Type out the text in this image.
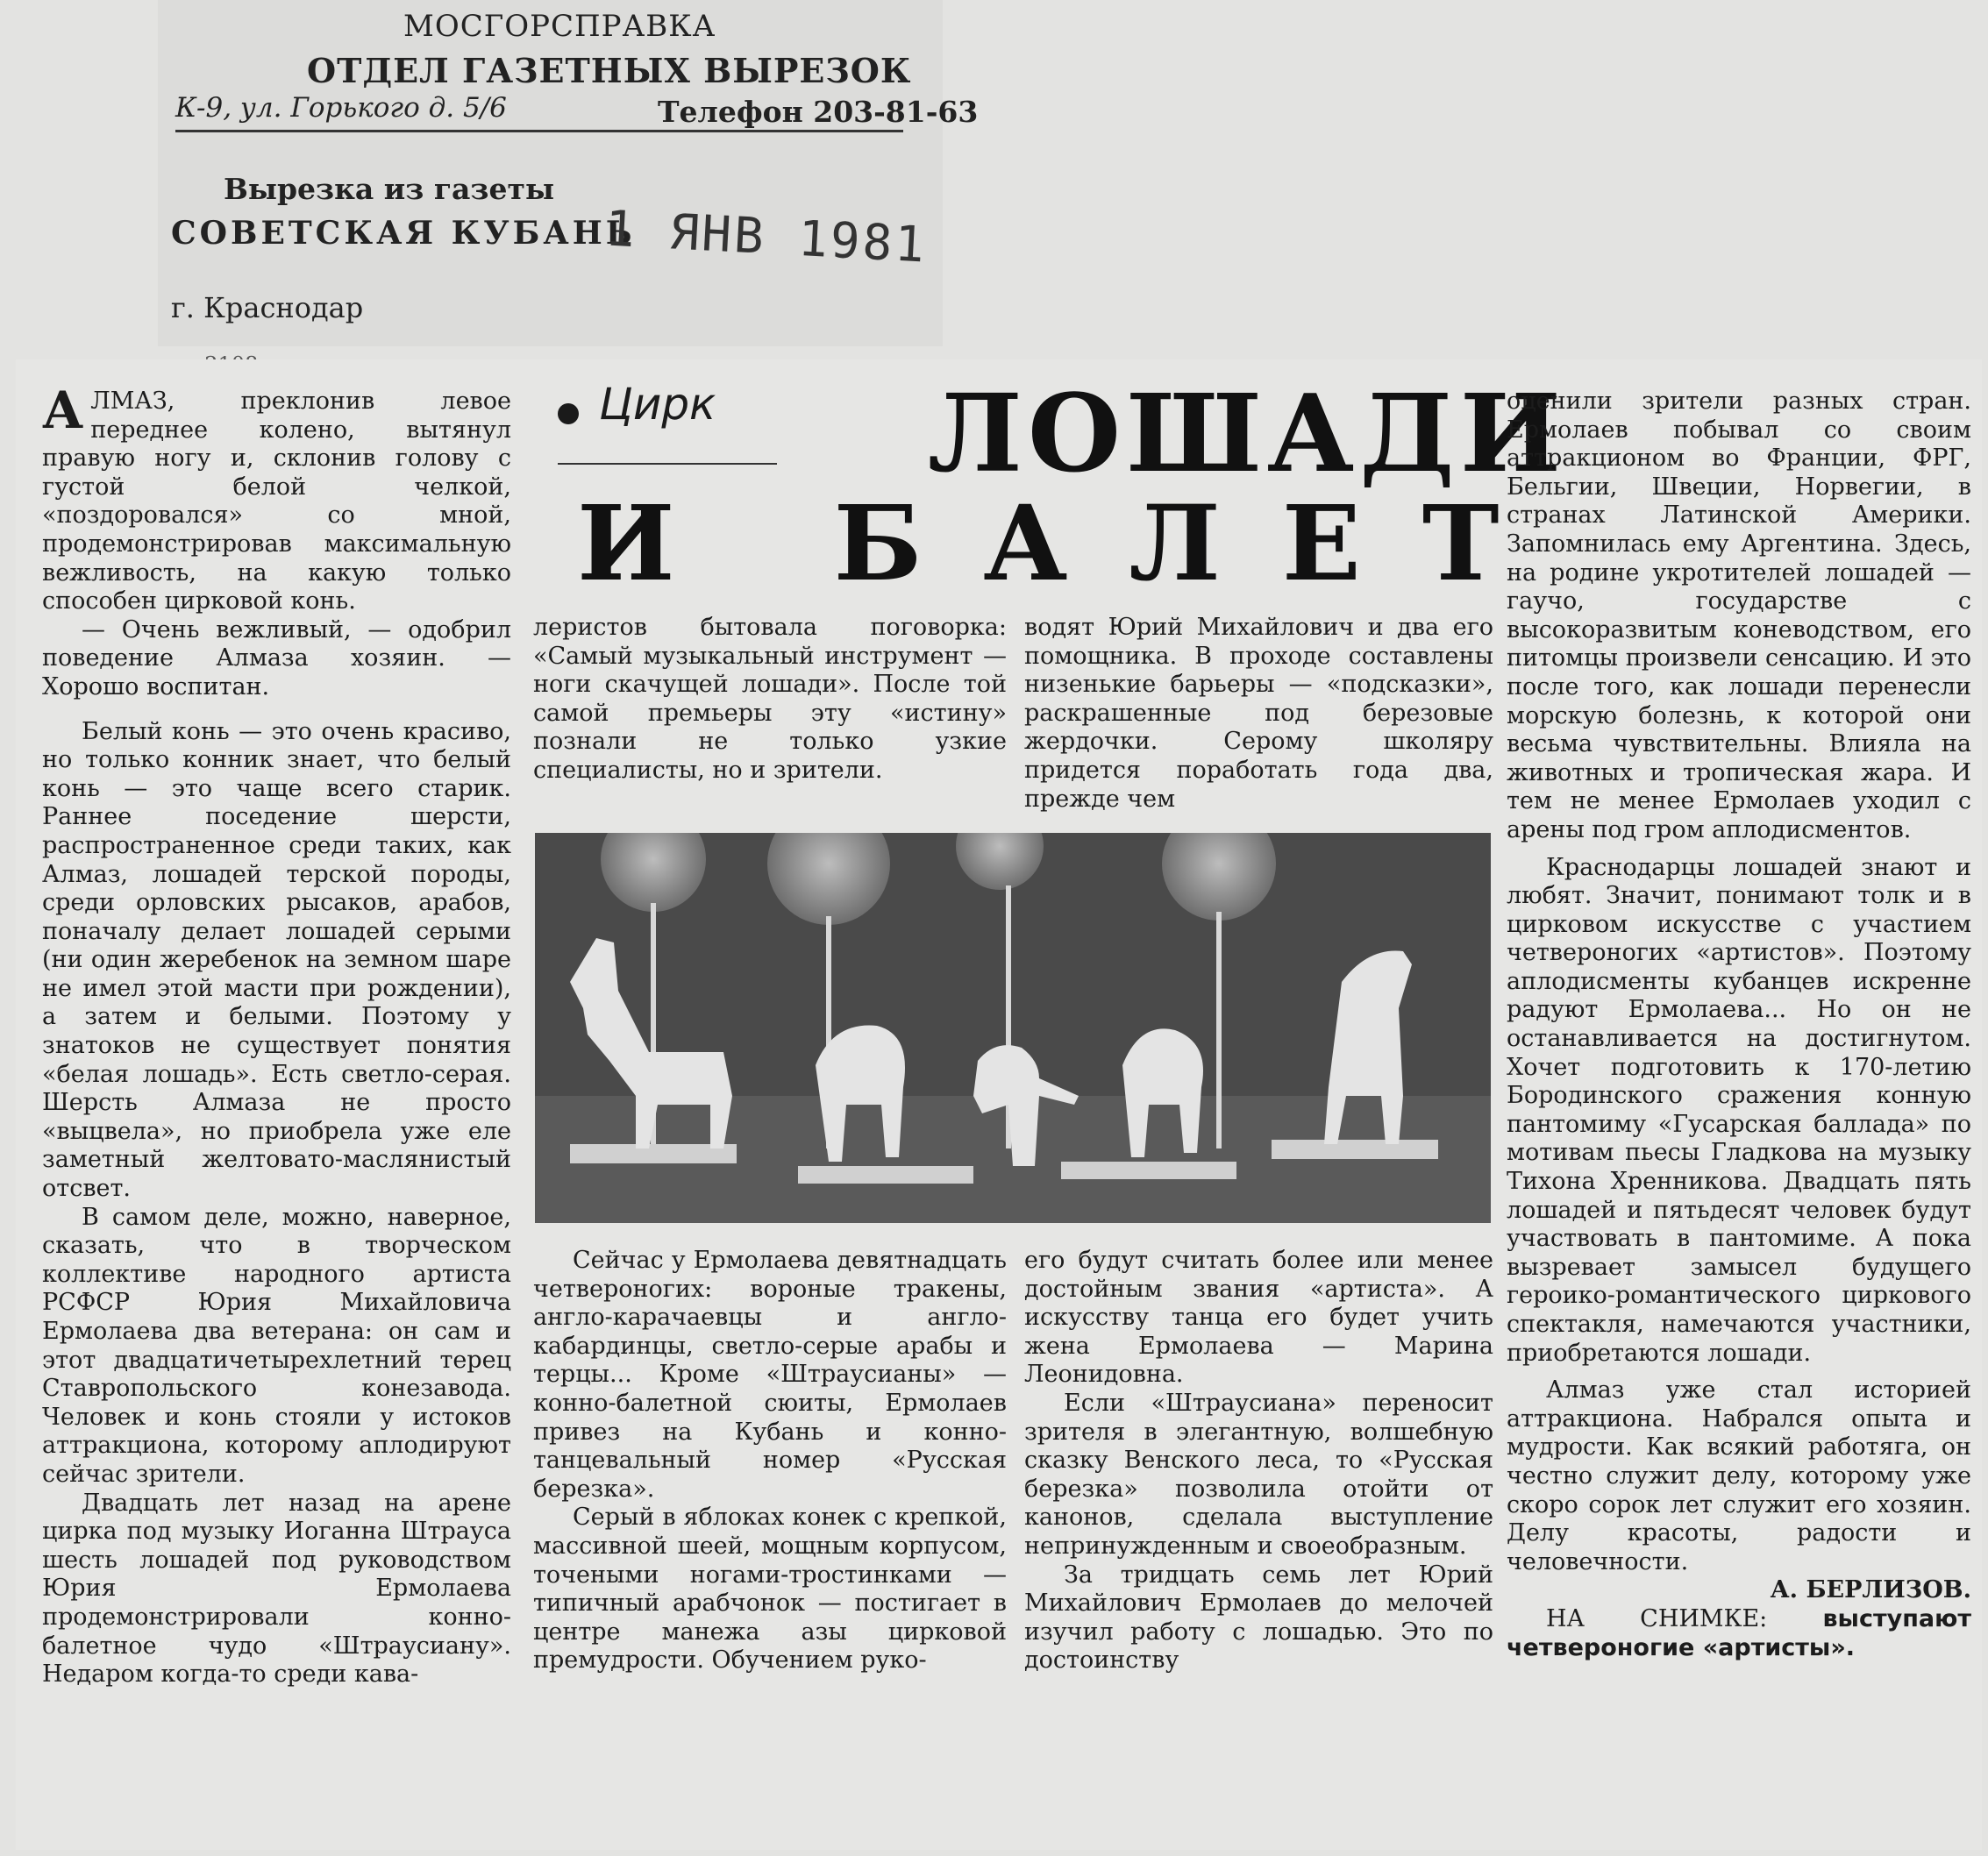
МОСГОРСПРАВКА
ОТДЕЛ ГАЗЕТНЫХ ВЫРЕЗОК
К-9, ул. Горького д. 5/6	Телефон 203-81-63
Вырезка из газеты
СОВЕТСКАЯ КУБАНЬ
1 ЯНВ 1981
г. Краснодар

АЛМАЗ, преклонив левое переднее колено, вытянул правую ногу и, склонив голову с густой белой челкой, «поздоровался» со мной, продемонстрировав максимальную вежливость, на какую только способен цирковой конь.

— Очень вежливый, — одобрил поведение Алмаза хозяин. — Хорошо воспитан.

Белый конь — это очень красиво, но только конник знает, что белый конь — это чаще всего старик. Раннее поседение шерсти, распространенное среди таких, как Алмаз, лошадей терской породы, среди орловских рысаков, арабов, поначалу делает лошадей серыми (ни один жеребенок на земном шаре не имел этой масти при рождении), а затем и белыми. Поэтому у знатоков не существует понятия «белая лошадь». Есть светло-серая. Шерсть Алмаза не просто «выцвела», но приобрела уже еле заметный желтовато-маслянистый отсвет.

В самом деле, можно, наверное, сказать, что в творческом коллективе народного артиста РСФСР Юрия Михайловича Ермолаева два ветерана: он сам и этот двадцатичетырехлетний терец Ставропольского конезавода. Человек и конь стояли у истоков аттракциона, которому аплодируют сейчас зрители.

Двадцать лет назад на арене цирка под музыку Иоганна Штрауса шесть лошадей под руководством Юрия Ермолаева продемонстрировали конно-балетное чудо «Штраусиану». Недаром когда-то среди кава-

Цирк ЛОШАДИ
И БАЛЕТ

лeристов бытовала поговорка: «Самый музыкальный инструмент — ноги скачущей лошади». После той самой премьеры эту «истину» познали не только узкие специалисты, но и зрители.

водят Юрий Михайлович и два его помощника. В проходе составлены низенькие барьеры — «подсказки», раскрашенные под березовые жердочки. Серому школяру придется поработать года два, прежде чем

Сейчас у Ермолаева девятнадцать четвероногих: вороные тракены, англо-карачаевцы и англо-кабардинцы, светло-серые арабы и терцы... Кроме «Штраусианы» — конно-балетной сюиты, Ермолаев привез на Кубань и конно-танцевальный номер «Русская березка».

Серый в яблоках конек с крепкой, массивной шеей, мощным корпусом, точеными ногами-тростинками — типичный арабчонок — постигает в центре манежа азы цирковой премудрости. Обучением руко-

его будут считать более или менее достойным звания «артиста». А искусству танца его будет учить жена Ермолаева — Марина Леонидовна.

Если «Штраусиана» переносит зрителя в элегантную, волшебную сказку Венского леса, то «Русская березка» позволила отойти от канонов, сделала выступление непринужденным и своеобразным.

За тридцать семь лет Юрий Михайлович Ермолаев до мелочей изучил работу с лошадью. Это по достоинству

оценили зрители разных стран. Ермолаев побывал со своим аттракционом во Франции, ФРГ, Бельгии, Швеции, Норвегии, в странах Латинской Америки. Запомнилась ему Аргентина. Здесь, на родине укротителей лошадей — гаучо, государстве с высокоразвитым коневодством, его питомцы произвели сенсацию. И это после того, как лошади перенесли морскую болезнь, к которой они весьма чувствительны. Влияла на животных и тропическая жара. И тем не менее Ермолаев уходил с арены под гром аплодисментов.

Краснодарцы лошадей знают и любят. Значит, понимают толк и в цирковом искусстве с участием четвероногих «артистов». Поэтому аплодисменты кубанцев искренне радуют Ермолаева... Но он не останавливается на достигнутом. Хочет подготовить к 170-летию Бородинского сражения конную пантомиму «Гусарская баллада» по мотивам пьесы Гладкова на музыку Тихона Хренникова. Двадцать пять лошадей и пятьдесят человек будут участвовать в пантомиме. А пока вызревает замысел будущего героико-романтического циркового спектакля, намечаются участники, приобретаются лошади.

Алмаз уже стал историей аттракциона. Набрался опыта и мудрости. Как всякий работяга, он честно служит делу, которому уже скоро сорок лет служит его хозяин. Делу красоты, радости и человечности.

А. БЕРЛИЗОВ.

НА СНИМКЕ: выступают четвероногие «артисты».
